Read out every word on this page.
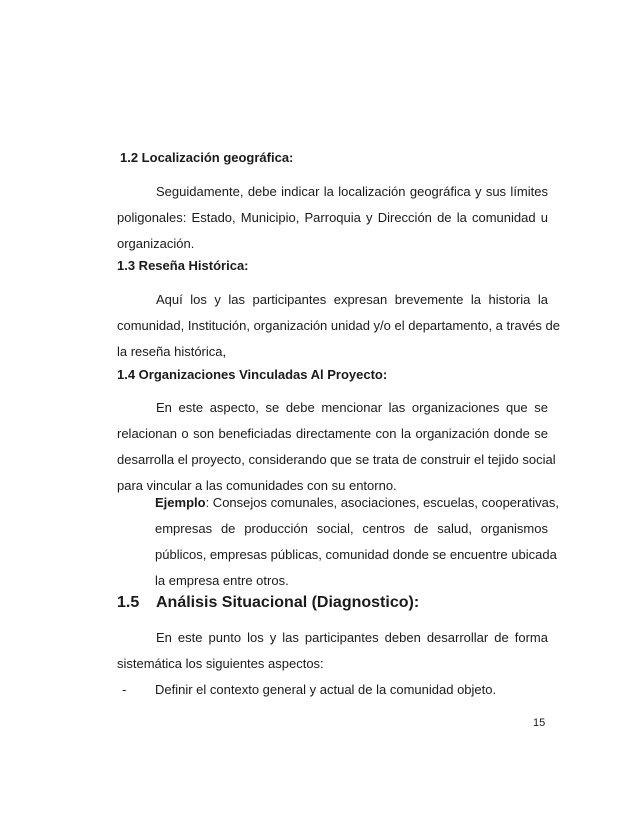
1.2 Localización geográfica:
Seguidamente, debe indicar la localización geográfica y sus límites
poligonales: Estado, Municipio, Parroquia y Dirección de la comunidad u
organización.
1.3 Reseña Histórica:
Aquí los y las participantes expresan brevemente la historia la
comunidad, Institución, organización unidad y/o el departamento, a través de
la reseña histórica,
1.4 Organizaciones Vinculadas Al Proyecto:
En este aspecto, se debe mencionar las organizaciones que se
relacionan o son beneficiadas directamente con la organización donde se
desarrolla el proyecto, considerando que se trata de construir el tejido social
para vincular a las comunidades con su entorno.
Ejemplo: Consejos comunales, asociaciones, escuelas, cooperativas,
empresas de producción social, centros de salud, organismos
públicos, empresas públicas, comunidad donde se encuentre ubicada
la empresa entre otros.
1.5 Análisis Situacional (Diagnostico):
En este punto los y las participantes deben desarrollar de forma
sistemática los siguientes aspectos:
- Definir el contexto general y actual de la comunidad objeto.
15
